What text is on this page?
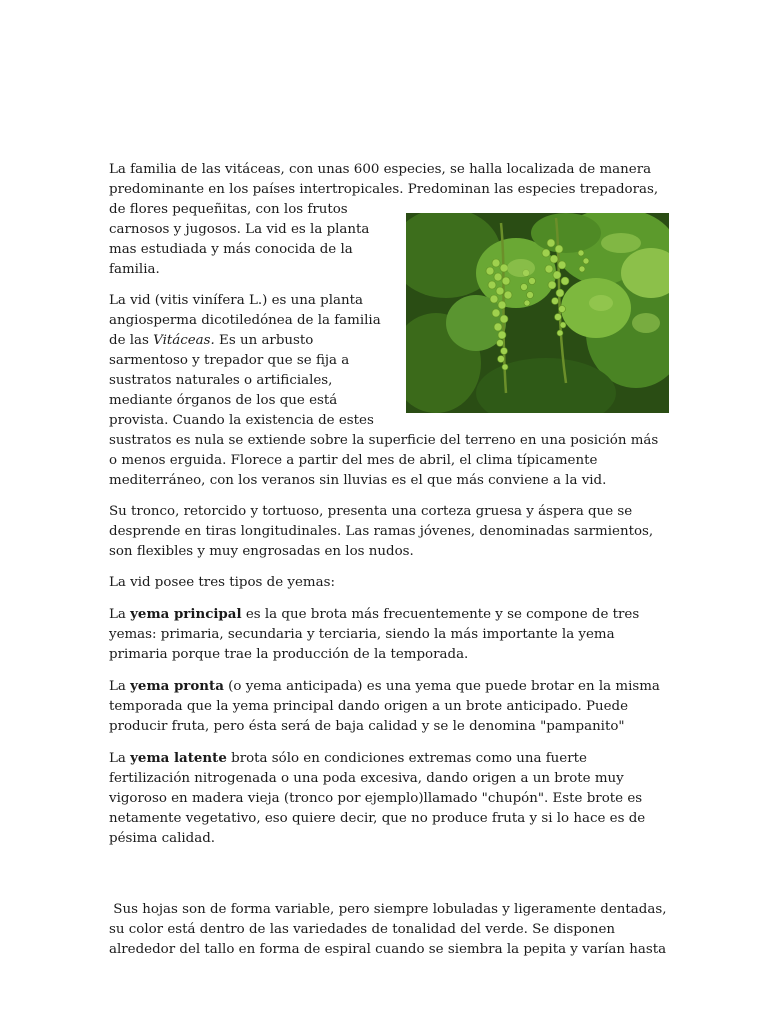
La familia de las vitáceas, con unas 600 especies, se halla localizada de manera predominante en los países intertropicales. Predominan las especies trepadoras,

de flores pequeñitas, con los frutos carnosos y jugosos. La vid es la planta mas estudiada y más conocida de la familia.

La vid (vitis vinífera L.) es una planta angiosperma dicotiledónea de la familia de las Vitáceas. Es un arbusto sarmentoso y trepador que se fija a sustratos naturales o artificiales, mediante órganos de los que está provista. Cuando la existencia de estes sustratos es nula se extiende sobre la superficie del terreno en una posición más o menos erguida. Florece a partir del mes de abril, el clima típicamente mediterráneo, con los veranos sin lluvias es el que más conviene a la vid.

Su tronco, retorcido y tortuoso, presenta una corteza gruesa y áspera que se desprende en tiras longitudinales. Las ramas jóvenes, denominadas sarmientos, son flexibles y muy engrosadas en los nudos.

La vid posee tres tipos de yemas:

La yema principal es la que brota más frecuentemente y se compone de tres yemas: primaria, secundaria y terciaria, siendo la más importante la yema primaria porque trae la producción de la temporada.

La yema pronta (o yema anticipada) es una yema que puede brotar en la misma temporada que la yema principal dando origen a un brote anticipado. Puede producir fruta, pero ésta será de baja calidad y se le denomina "pampanito"

La yema latente brota sólo en condiciones extremas como una fuerte fertilización nitrogenada o una poda excesiva, dando origen a un brote muy vigoroso en madera vieja (tronco por ejemplo)llamado "chupón". Este brote es netamente vegetativo, eso quiere decir, que no produce fruta y si lo hace es de pésima calidad.

Sus hojas son de forma variable, pero siempre lobuladas y ligeramente dentadas, su color está dentro de las variedades de tonalidad del verde. Se disponen alrededor del tallo en forma de espiral cuando se siembra la pepita y varían hasta
